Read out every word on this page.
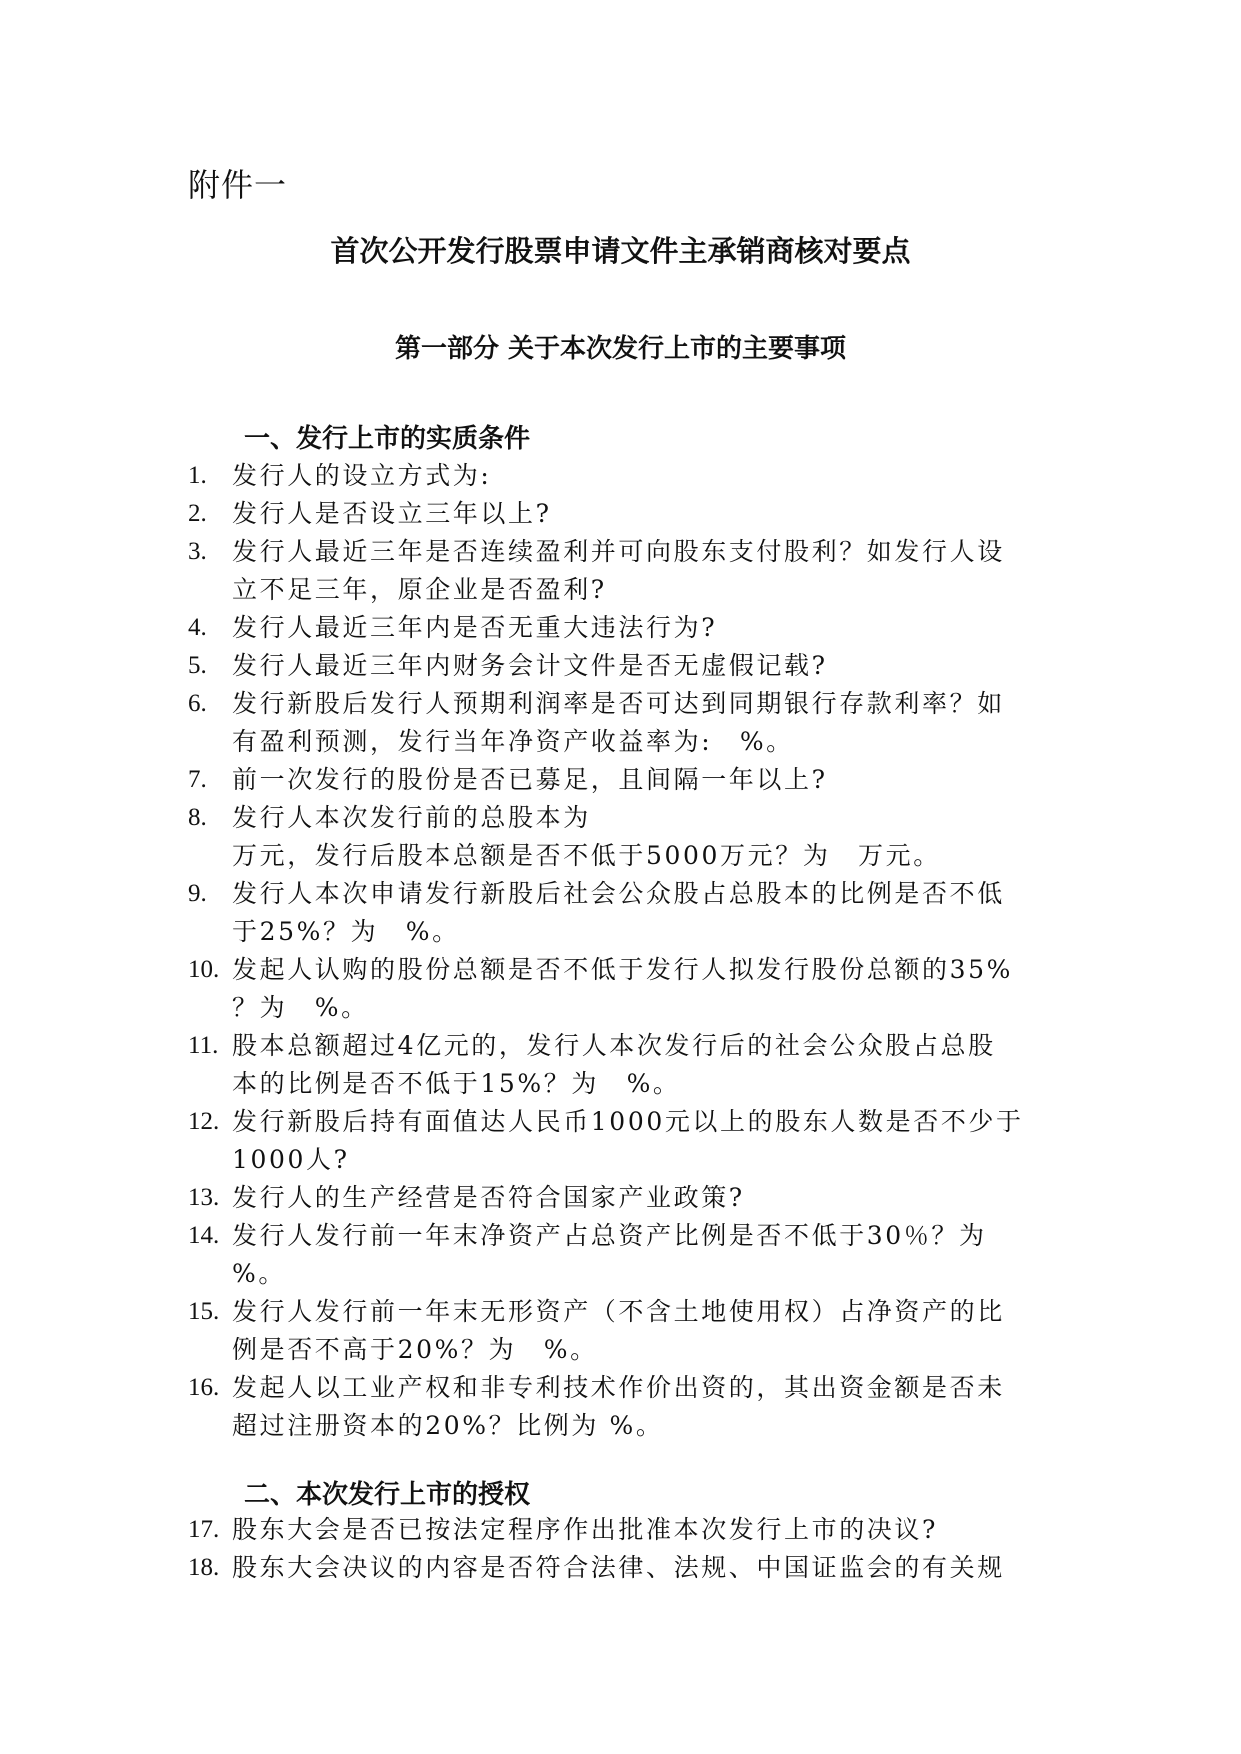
附件一
首次公开发行股票申请文件主承销商核对要点
第一部分 关于本次发行上市的主要事项
一、发行上市的实质条件
1.	发行人的设立方式为:
2.	发行人是否设立三年以上?
3.	发行人最近三年是否连续盈利并可向股东支付股利？如发行人设
立不足三年，原企业是否盈利?
4.	发行人最近三年内是否无重大违法行为?
5.	发行人最近三年内财务会计文件是否无虚假记载?
6.	发行新股后发行人预期利润率是否可达到同期银行存款利率？如
有盈利预测，发行当年净资产收益率为:　%。
7.	前一次发行的股份是否已募足，且间隔一年以上?
8.	发行人本次发行前的总股本为
万元，发行后股本总额是否不低于5000万元？为　万元。
9.	发行人本次申请发行新股后社会公众股占总股本的比例是否不低
于25%？为　%。
10. 发起人认购的股份总额是否不低于发行人拟发行股份总额的35%
？为　%。
11. 股本总额超过4亿元的，发行人本次发行后的社会公众股占总股
本的比例是否不低于15%？为　%。
12. 发行新股后持有面值达人民币1000元以上的股东人数是否不少于
1000人?
13. 发行人的生产经营是否符合国家产业政策?
14. 发行人发行前一年末净资产占总资产比例是否不低于30％？为
%。
15. 发行人发行前一年末无形资产（不含土地使用权）占净资产的比
例是否不高于20%？为　%。
16. 发起人以工业产权和非专利技术作价出资的，其出资金额是否未
超过注册资本的20%？比例为 %。
二、本次发行上市的授权
17. 股东大会是否已按法定程序作出批准本次发行上市的决议?
18. 股东大会决议的内容是否符合法律、法规、中国证监会的有关规
